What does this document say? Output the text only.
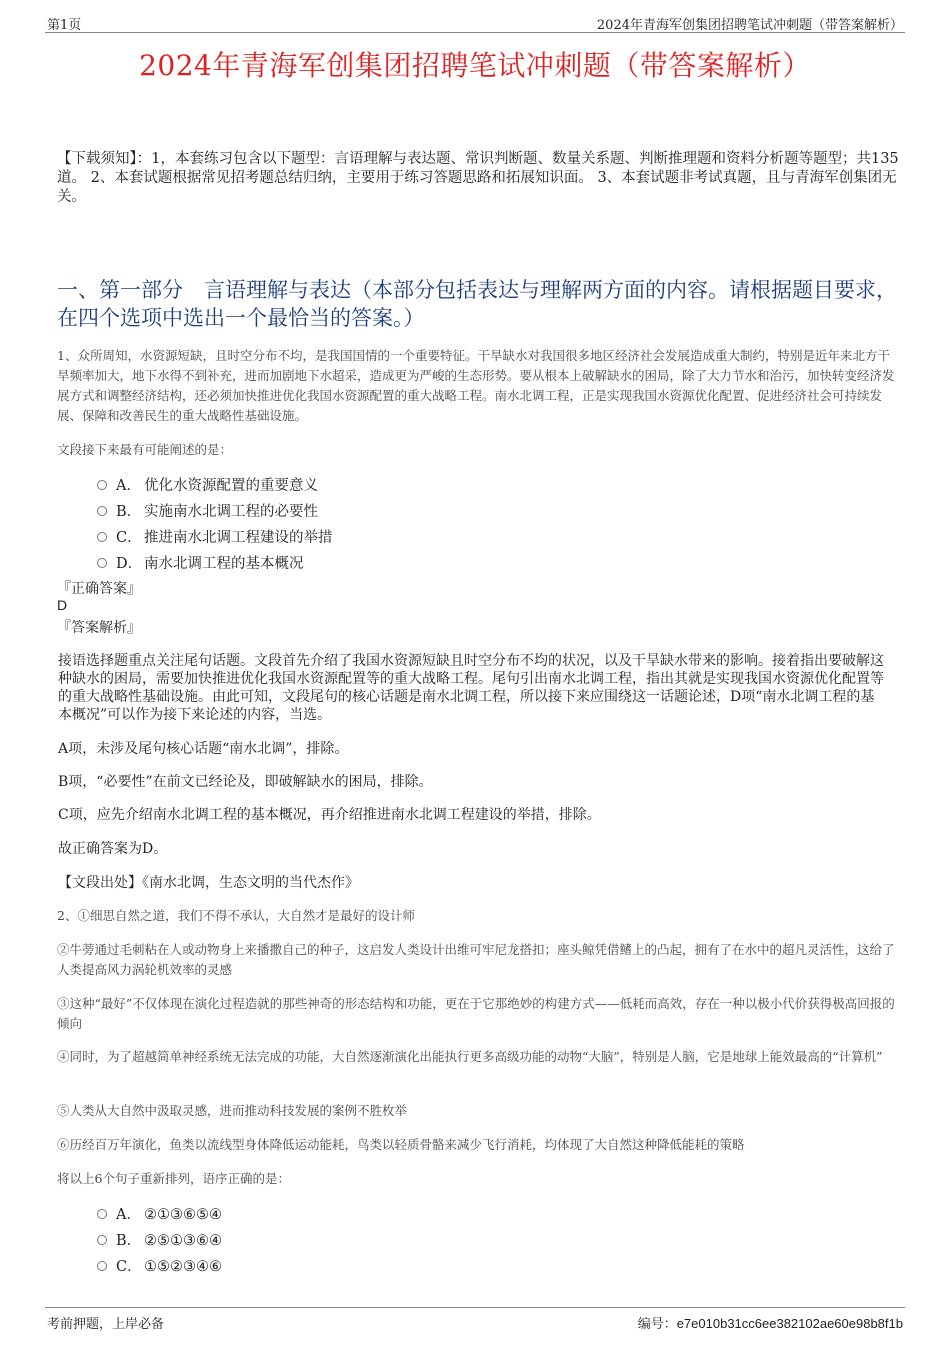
第1页	2024年青海军创集团招聘笔试冲刺题（带答案解析）
2024年青海军创集团招聘笔试冲刺题（带答案解析）
【下载须知】：1，本套练习包含以下题型：言语理解与表达题、常识判断题、数量关系题、判断推理题和资料分析题等题型；共135道。 2、本套试题根据常见招考题总结归纳，主要用于练习答题思路和拓展知识面。 3、本套试题非考试真题，且与青海军创集团无关。
一、第一部分　言语理解与表达（本部分包括表达与理解两方面的内容。请根据题目要求，在四个选项中选出一个最恰当的答案。）
1、众所周知，水资源短缺，且时空分布不均，是我国国情的一个重要特征。干旱缺水对我国很多地区经济社会发展造成重大制约，特别是近年来北方干旱频率加大，地下水得不到补充，进而加剧地下水超采，造成更为严峻的生态形势。要从根本上破解缺水的困局，除了大力节水和治污，加快转变经济发展方式和调整经济结构，还必须加快推进优化我国水资源配置的重大战略工程。南水北调工程，正是实现我国水资源优化配置、促进经济社会可持续发展、保障和改善民生的重大战略性基础设施。
文段接下来最有可能阐述的是：
A． 优化水资源配置的重要意义
B． 实施南水北调工程的必要性
C． 推进南水北调工程建设的举措
D． 南水北调工程的基本概况
『正确答案』
D
『答案解析』
接语选择题重点关注尾句话题。文段首先介绍了我国水资源短缺且时空分布不均的状况，以及干旱缺水带来的影响。接着指出要破解这种缺水的困局，需要加快推进优化我国水资源配置等的重大战略工程。尾句引出南水北调工程，指出其就是实现我国水资源优化配置等的重大战略性基础设施。由此可知，文段尾句的核心话题是南水北调工程，所以接下来应围绕这一话题论述，D项“南水北调工程的基本概况”可以作为接下来论述的内容，当选。
A项，未涉及尾句核心话题“南水北调”，排除。
B项，“必要性”在前文已经论及，即破解缺水的困局，排除。
C项，应先介绍南水北调工程的基本概况，再介绍推进南水北调工程建设的举措，排除。
故正确答案为D。
【文段出处】《南水北调，生态文明的当代杰作》
2、①细思自然之道，我们不得不承认，大自然才是最好的设计师
②牛蒡通过毛刺粘在人或动物身上来播撒自己的种子，这启发人类设计出维可牢尼龙搭扣；座头鲸凭借鳍上的凸起，拥有了在水中的超凡灵活性，这给了人类提高风力涡轮机效率的灵感
③这种“最好”不仅体现在演化过程造就的那些神奇的形态结构和功能，更在于它那绝妙的构建方式——低耗而高效，存在一种以极小代价获得极高回报的倾向
④同时，为了超越简单神经系统无法完成的功能，大自然逐渐演化出能执行更多高级功能的动物“大脑”，特别是人脑，它是地球上能效最高的“计算机”
⑤人类从大自然中汲取灵感，进而推动科技发展的案例不胜枚举
⑥历经百万年演化，鱼类以流线型身体降低运动能耗，鸟类以轻质骨骼来减少飞行消耗，均体现了大自然这种降低能耗的策略
将以上6个句子重新排列，语序正确的是：
A． ②①③⑥⑤④
B． ②⑤①③⑥④
C． ①⑤②③④⑥
考前押题，上岸必备	编号：e7e010b31cc6ee382102ae60e98b8f1b
